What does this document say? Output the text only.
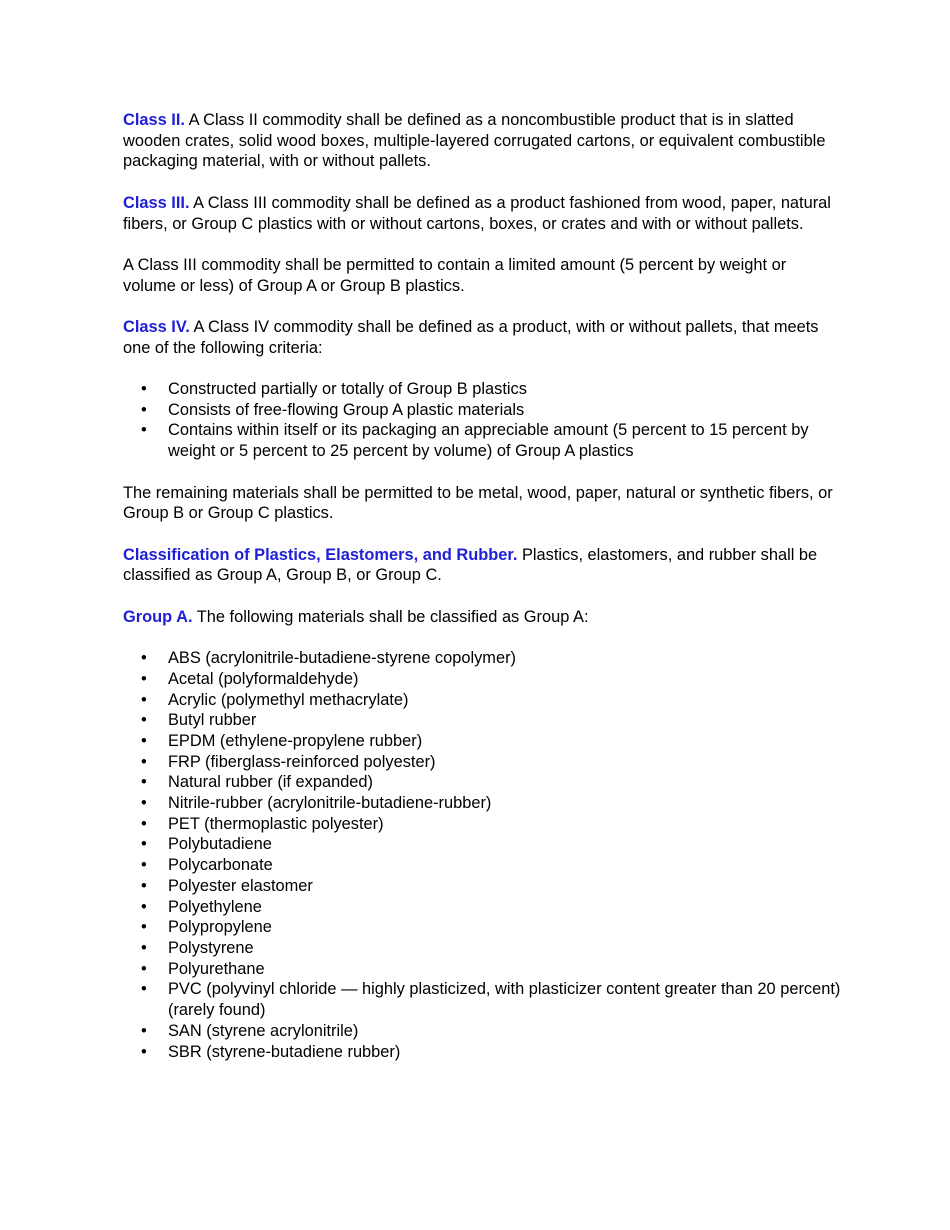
Class II. A Class II commodity shall be defined as a noncombustible product that is in slatted wooden crates, solid wood boxes, multiple-layered corrugated cartons, or equivalent combustible packaging material, with or without pallets.

Class III. A Class III commodity shall be defined as a product fashioned from wood, paper, natural fibers, or Group C plastics with or without cartons, boxes, or crates and with or without pallets.

A Class III commodity shall be permitted to contain a limited amount (5 percent by weight or volume or less) of Group A or Group B plastics.

Class IV. A Class IV commodity shall be defined as a product, with or without pallets, that meets one of the following criteria:

• Constructed partially or totally of Group B plastics
• Consists of free-flowing Group A plastic materials
• Contains within itself or its packaging an appreciable amount (5 percent to 15 percent by weight or 5 percent to 25 percent by volume) of Group A plastics

The remaining materials shall be permitted to be metal, wood, paper, natural or synthetic fibers, or Group B or Group C plastics.

Classification of Plastics, Elastomers, and Rubber. Plastics, elastomers, and rubber shall be classified as Group A, Group B, or Group C.

Group A. The following materials shall be classified as Group A:

• ABS (acrylonitrile-butadiene-styrene copolymer)
• Acetal (polyformaldehyde)
• Acrylic (polymethyl methacrylate)
• Butyl rubber
• EPDM (ethylene-propylene rubber)
• FRP (fiberglass-reinforced polyester)
• Natural rubber (if expanded)
• Nitrile-rubber (acrylonitrile-butadiene-rubber)
• PET (thermoplastic polyester)
• Polybutadiene
• Polycarbonate
• Polyester elastomer
• Polyethylene
• Polypropylene
• Polystyrene
• Polyurethane
• PVC (polyvinyl chloride — highly plasticized, with plasticizer content greater than 20 percent) (rarely found)
• SAN (styrene acrylonitrile)
• SBR (styrene-butadiene rubber)
